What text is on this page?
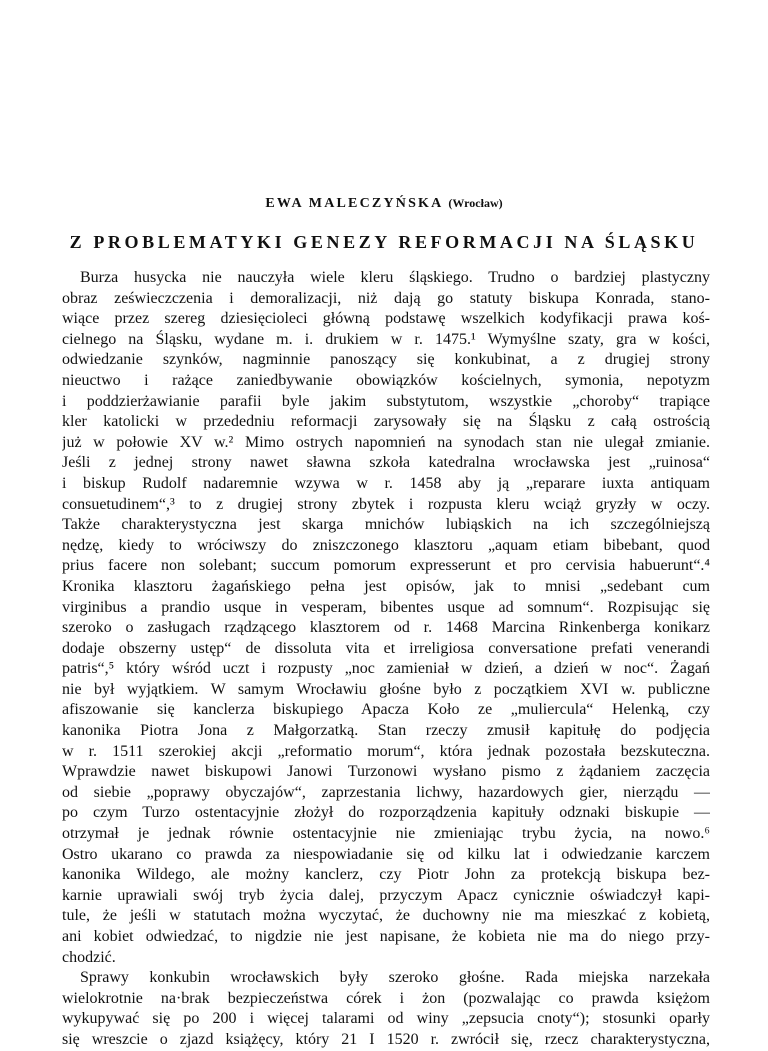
EWA MALECZYŃSKA (Wrocław)
Z PROBLEMATYKI GENEZY REFORMACJI NA ŚLĄSKU
Burza husycka nie nauczyła wiele kleru śląskiego. Trudno o bardziej plastyczny
obraz ześwieczczenia i demoralizacji, niż dają go statuty biskupa Konrada, stano-
wiące przez szereg dziesięcioleci główną podstawę wszelkich kodyfikacji prawa koś-
cielnego na Śląsku, wydane m. i. drukiem w r. 1475.¹ Wymyślne szaty, gra w kości,
odwiedzanie szynków, nagminnie panoszący się konkubinat, a z drugiej strony
nieuctwo i rażące zaniedbywanie obowiązków kościelnych, symonia, nepotyzm
i poddzierżawianie parafii byle jakim substytutom, wszystkie „choroby“ trapiące
kler katolicki w przededniu reformacji zarysowały się na Śląsku z całą ostrością
już w połowie XV w.² Mimo ostrych napomnień na synodach stan nie ulegał zmianie.
Jeśli z jednej strony nawet sławna szkoła katedralna wrocławska jest „ruinosa“
i biskup Rudolf nadaremnie wzywa w r. 1458 aby ją „reparare iuxta antiquam
consuetudinem“,³ to z drugiej strony zbytek i rozpusta kleru wciąż gryzły w oczy.
Także charakterystyczna jest skarga mnichów lubiąskich na ich szczególniejszą
nędzę, kiedy to wróciwszy do zniszczonego klasztoru „aquam etiam bibebant, quod
prius facere non solebant; succum pomorum expresserunt et pro cervisia habuerunt“.⁴
Kronika klasztoru żagańskiego pełna jest opisów, jak to mnisi „sedebant cum
virginibus a prandio usque in vesperam, bibentes usque ad somnum“. Rozpisując się
szeroko o zasługach rządzącego klasztorem od r. 1468 Marcina Rinkenberga konikarz
dodaje obszerny ustęp“ de dissoluta vita et irreligiosa conversatione prefati venerandi
patris“,⁵ który wśród uczt i rozpusty „noc zamieniał w dzień, a dzień w noc“. Żagań
nie był wyjątkiem. W samym Wrocławiu głośne było z początkiem XVI w. publiczne
afiszowanie się kanclerza biskupiego Apacza Koło ze „muliercula“ Helenką, czy
kanonika Piotra Jona z Małgorzatką. Stan rzeczy zmusił kapitułę do podjęcia
w r. 1511 szerokiej akcji „reformatio morum“, która jednak pozostała bezskuteczna.
Wprawdzie nawet biskupowi Janowi Turzonowi wysłano pismo z żądaniem zaczęcia
od siebie „poprawy obyczajów“, zaprzestania lichwy, hazardowych gier, nierządu —
po czym Turzo ostentacyjnie złożył do rozporządzenia kapituły odznaki biskupie —
otrzymał je jednak równie ostentacyjnie nie zmieniając trybu życia, na nowo.⁶
Ostro ukarano co prawda za niespowiadanie się od kilku lat i odwiedzanie karczem
kanonika Wildego, ale możny kanclerz, czy Piotr John za protekcją biskupa bez-
karnie uprawiali swój tryb życia dalej, przyczym Apacz cynicznie oświadczył kapi-
tule, że jeśli w statutach można wyczytać, że duchowny nie ma mieszkać z kobietą,
ani kobiet odwiedzać, to nigdzie nie jest napisane, że kobieta nie ma do niego przy-
chodzić.
Sprawy konkubin wrocławskich były szeroko głośne. Rada miejska narzekała
wielokrotnie na·brak bezpieczeństwa córek i żon (pozwalając co prawda księżom
wykupywać się po 200 i więcej talarami od winy „zepsucia cnoty“); stosunki oparły
się wreszcie o zjazd książęcy, który 21 I 1520 r. zwrócił się, rzecz charakterystyczna,
